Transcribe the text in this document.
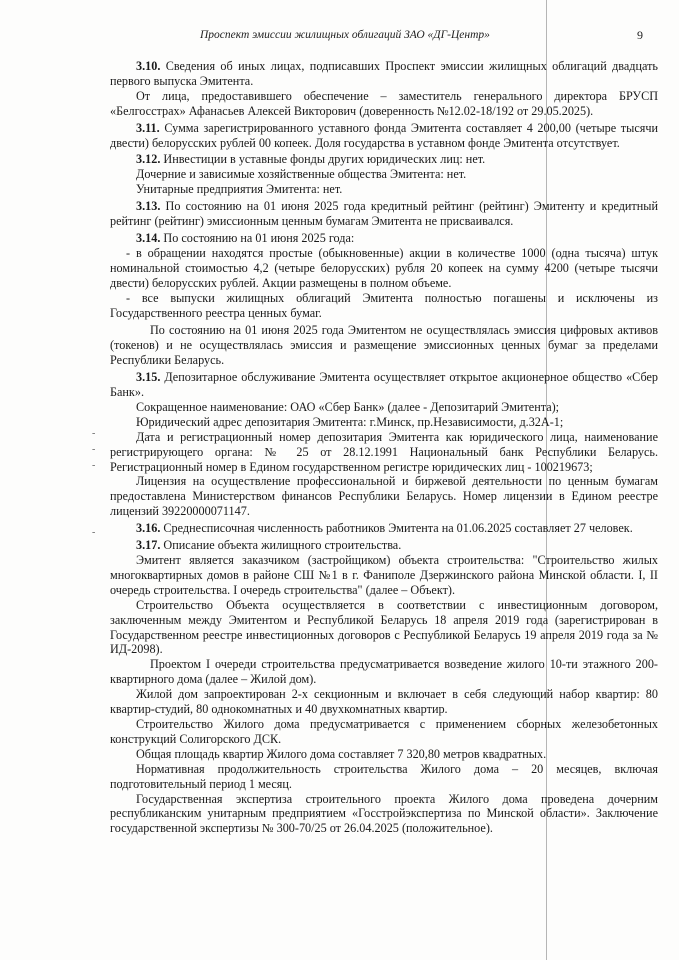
Проспект эмиссии жилищных облигаций ЗАО «ДГ-Центр»	9
-
-
-
-

3.10. Сведения об иных лицах, подписавших Проспект эмиссии жилищных облигаций двадцать первого выпуска Эмитента.

От лица, предоставившего обеспечение – заместитель генерального директора БРУСП «Белгосстрах» Афанасьев Алексей Викторович (доверенность №12.02-18/192 от 29.05.2025).

3.11. Сумма зарегистрированного уставного фонда Эмитента составляет 4 200,00 (четыре тысячи двести) белорусских рублей 00 копеек. Доля государства в уставном фонде Эмитента отсутствует.

3.12. Инвестиции в уставные фонды других юридических лиц: нет.

Дочерние и зависимые хозяйственные общества Эмитента: нет.

Унитарные предприятия Эмитента: нет.

3.13. По состоянию на 01 июня 2025 года кредитный рейтинг (рейтинг) Эмитенту и кредитный рейтинг (рейтинг) эмиссионным ценным бумагам Эмитента не присваивался.

3.14. По состоянию на 01 июня 2025 года:

- в обращении находятся простые (обыкновенные) акции в количестве 1000 (одна тысяча) штук номинальной стоимостью 4,2 (четыре белорусских) рубля 20 копеек на сумму 4200 (четыре тысячи двести) белорусских рублей. Акции размещены в полном объеме.

- все выпуски жилищных облигаций Эмитента полностью погашены и исключены из Государственного реестра ценных бумаг.

По состоянию на 01 июня 2025 года Эмитентом не осуществлялась эмиссия цифровых активов (токенов) и не осуществлялась эмиссия и размещение эмиссионных ценных бумаг за пределами Республики Беларусь.

3.15. Депозитарное обслуживание Эмитента осуществляет открытое акционерное общество «Сбер Банк».

Сокращенное наименование: ОАО «Сбер Банк» (далее - Депозитарий Эмитента);

Юридический адрес депозитария Эмитента: г.Минск, пр.Независимости, д.32А-1;

Дата и регистрационный номер депозитария Эмитента как юридического лица, наименование регистрирующего органа: № 25 от 28.12.1991 Национальный банк Республики Беларусь. Регистрационный номер в Едином государственном регистре юридических лиц - 100219673;

Лицензия на осуществление профессиональной и биржевой деятельности по ценным бумагам предоставлена Министерством финансов Республики Беларусь. Номер лицензии в Едином реестре лицензий 39220000071147.

3.16. Среднесписочная численность работников Эмитента на 01.06.2025 составляет 27 человек.

3.17. Описание объекта жилищного строительства.

Эмитент является заказчиком (застройщиком) объекта строительства: "Строительство жилых многоквартирных домов в районе СШ №1 в г. Фаниполе Дзержинского района Минской области. I, II очередь строительства. I очередь строительства" (далее – Объект).

Строительство Объекта осуществляется в соответствии с инвестиционным договором, заключенным между Эмитентом и Республикой Беларусь 18 апреля 2019 года (зарегистрирован в Государственном реестре инвестиционных договоров с Республикой Беларусь 19 апреля 2019 года за № ИД-2098).

Проектом I очереди строительства предусматривается возведение жилого 10-ти этажного 200-квартирного дома (далее – Жилой дом).

Жилой дом запроектирован 2-х секционным и включает в себя следующий набор квартир: 80 квартир-студий, 80 однокомнатных и 40 двухкомнатных квартир.

Строительство Жилого дома предусматривается с применением сборных железобетонных конструкций Солигорского ДСК.

Общая площадь квартир Жилого дома составляет 7 320,80 метров квадратных.

Нормативная продолжительность строительства Жилого дома – 20 месяцев, включая подготовительный период 1 месяц.

Государственная экспертиза строительного проекта Жилого дома проведена дочерним республиканским унитарным предприятием «Госстройэкспертиза по Минской области». Заключение государственной экспертизы № 300-70/25 от 26.04.2025 (положительное).
